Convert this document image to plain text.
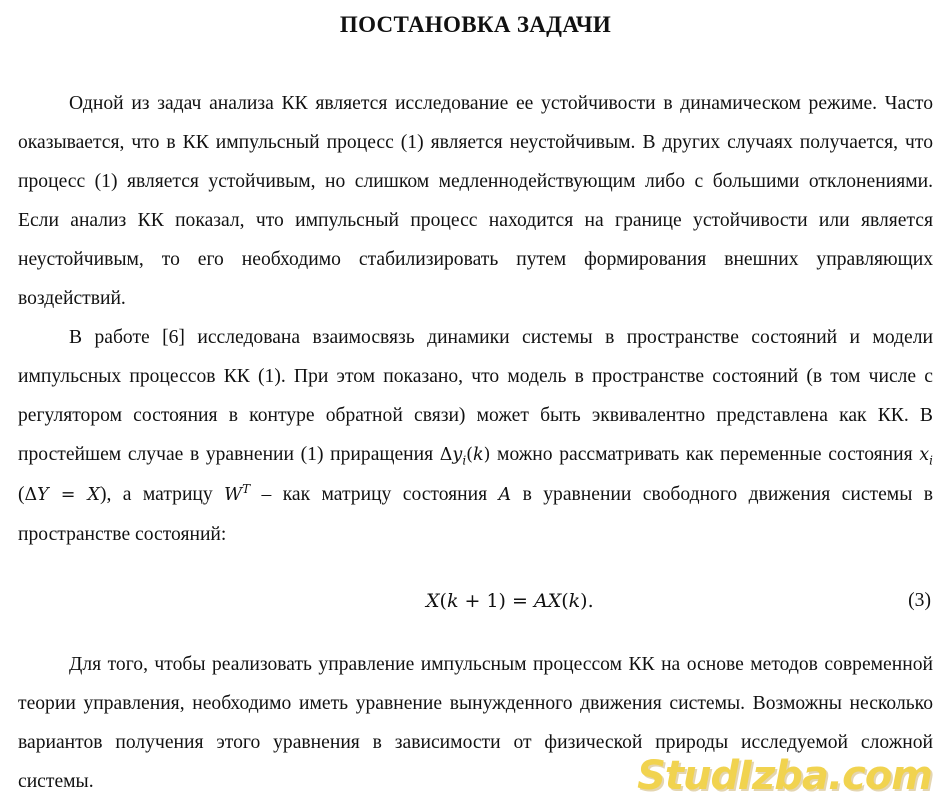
ПОСТАНОВКА ЗАДАЧИ

Одной из задач анализа КК является исследование ее устойчивости в динамическом режиме. Часто оказывается, что в КК импульсный процесс (1) является неустойчивым. В других случаях получается, что процесс (1) является устойчивым, но слишком медленнодействующим либо с большими отклонениями. Если анализ КК показал, что импульсный процесс находится на границе устойчивости или является неустойчивым, то его необходимо стабилизировать путем формирования внешних управляющих воздействий.

В работе [6] исследована взаимосвязь динамики системы в пространстве состояний и модели импульсных процессов КК (1). При этом показано, что модель в пространстве состояний (в том числе с регулятором состояния в контуре обратной связи) может быть эквивалентно представлена как КК. В простейшем случае в уравнении (1) приращения $\Delta y_i(k)$ можно рассматривать как переменные состояния $x_i$ (ΔY = X), а матрицу $W^T$ – как матрицу состояния A в уравнении свободного движения системы в пространстве состояний:

X(k + 1) = AX(k).	(3)

Для того, чтобы реализовать управление импульсным процессом КК на основе методов современной теории управления, необходимо иметь уравнение вынужденного движения системы. Возможны несколько вариантов получения этого уравнения в зависимости от физической природы исследуемой сложной системы.	StudIzba.com
